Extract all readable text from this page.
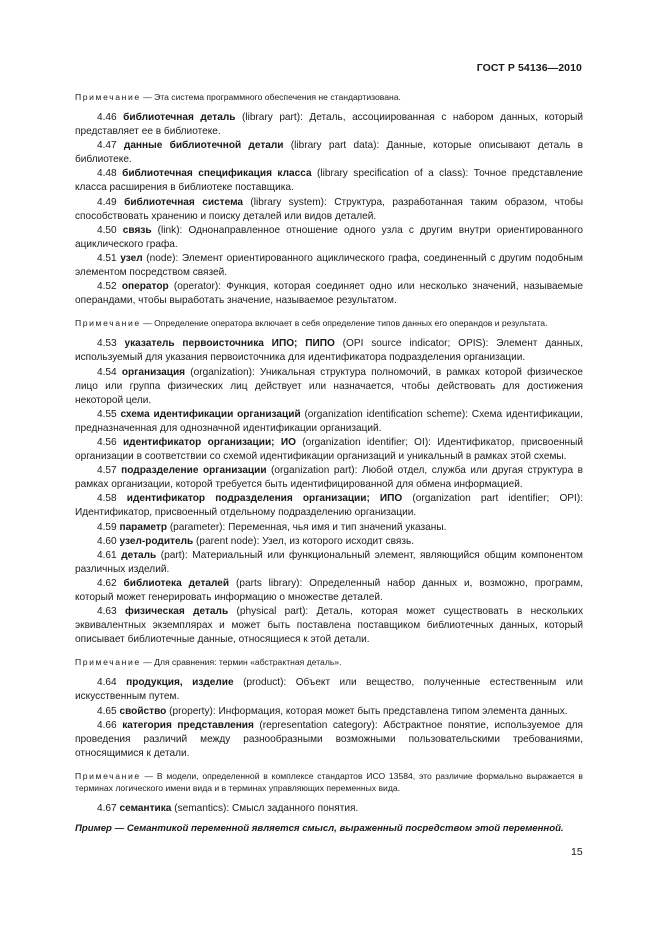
ГОСТ Р 54136—2010

Примечание — Эта система программного обеспечения не стандартизована.

4.46 библиотечная деталь (library part): Деталь, ассоциированная с набором данных, который представляет ее в библиотеке.

4.47 данные библиотечной детали (library part data): Данные, которые описывают деталь в библиотеке.

4.48 библиотечная спецификация класса (library specification of a class): Точное представление класса расширения в библиотеке поставщика.

4.49 библиотечная система (library system): Структура, разработанная таким образом, чтобы способствовать хранению и поиску деталей или видов деталей.

4.50 связь (link): Однонаправленное отношение одного узла с другим внутри ориентированного ациклического графа.

4.51 узел (node): Элемент ориентированного ациклического графа, соединенный с другим подобным элементом посредством связей.

4.52 оператор (operator): Функция, которая соединяет одно или несколько значений, называемые операндами, чтобы выработать значение, называемое результатом.

Примечание — Определение оператора включает в себя определение типов данных его операндов и результата.

4.53 указатель первоисточника ИПО; ПИПО (OPI source indicator; OPIS): Элемент данных, используемый для указания первоисточника для идентификатора подразделения организации.

4.54 организация (organization): Уникальная структура полномочий, в рамках которой физическое лицо или группа физических лиц действует или назначается, чтобы действовать для достижения некоторой цели.

4.55 схема идентификации организаций (organization identification scheme): Схема идентификации, предназначенная для однозначной идентификации организаций.

4.56 идентификатор организации; ИО (organization identifier; OI): Идентификатор, присвоенный организации в соответствии со схемой идентификации организаций и уникальный в рамках этой схемы.

4.57 подразделение организации (organization part): Любой отдел, служба или другая структура в рамках организации, которой требуется быть идентифицированной для обмена информацией.

4.58 идентификатор подразделения организации; ИПО (organization part identifier; OPI): Идентификатор, присвоенный отдельному подразделению организации.

4.59 параметр (parameter): Переменная, чья имя и тип значений указаны.

4.60 узел-родитель (parent node): Узел, из которого исходит связь.

4.61 деталь (part): Материальный или функциональный элемент, являющийся общим компонентом различных изделий.

4.62 библиотека деталей (parts library): Определенный набор данных и, возможно, программ, который может генерировать информацию о множестве деталей.

4.63 физическая деталь (physical part): Деталь, которая может существовать в нескольких эквивалентных экземплярах и может быть поставлена поставщиком библиотечных данных, который описывает библиотечные данные, относящиеся к этой детали.

Примечание — Для сравнения: термин «абстрактная деталь».

4.64 продукция, изделие (product): Объект или вещество, полученные естественным или искусственным путем.

4.65 свойство (property): Информация, которая может быть представлена типом элемента данных.

4.66 категория представления (representation category): Абстрактное понятие, используемое для проведения различий между разнообразными возможными пользовательскими требованиями, относящимися к детали.

Примечание — В модели, определенной в комплексе стандартов ИСО 13584, это различие формально выражается в терминах логического имени вида и в терминах управляющих переменных вида.

4.67 семантика (semantics): Смысл заданного понятия.

Пример — Семантикой переменной является смысл, выраженный посредством этой переменной.

15
